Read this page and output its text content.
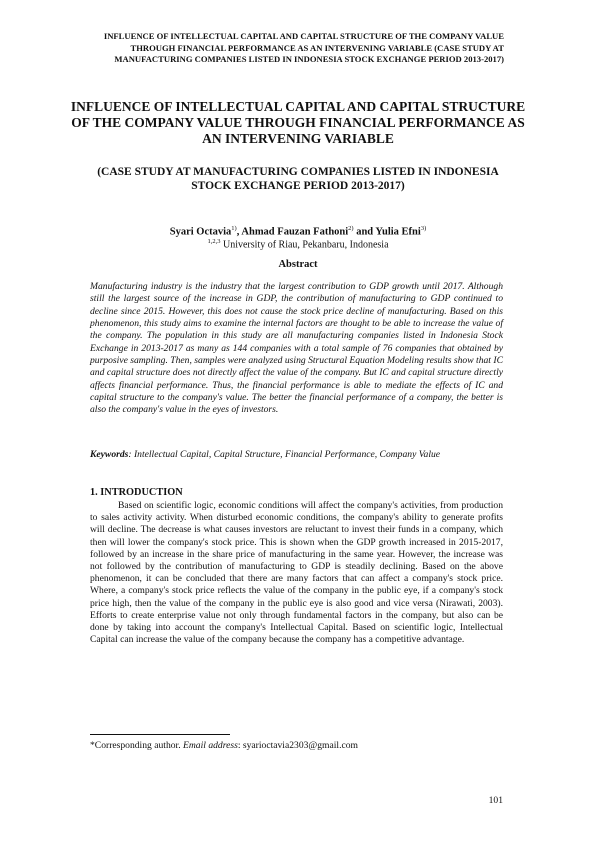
INFLUENCE OF INTELLECTUAL CAPITAL AND CAPITAL STRUCTURE OF THE COMPANY VALUE THROUGH FINANCIAL PERFORMANCE AS AN INTERVENING VARIABLE (CASE STUDY AT MANUFACTURING COMPANIES LISTED IN INDONESIA STOCK EXCHANGE PERIOD 2013-2017)
INFLUENCE OF INTELLECTUAL CAPITAL AND CAPITAL STRUCTURE OF THE COMPANY VALUE THROUGH FINANCIAL PERFORMANCE AS AN INTERVENING VARIABLE
(CASE STUDY AT MANUFACTURING COMPANIES LISTED IN INDONESIA STOCK EXCHANGE PERIOD 2013-2017)
Syari Octavia$^{1)}$, Ahmad Fauzan Fathoni$^{2)}$ and Yulia Efni$^{3)}$
$^{1,2,3}$ University of Riau, Pekanbaru, Indonesia
Abstract

Manufacturing industry is the industry that the largest contribution to GDP growth until 2017. Although still the largest source of the increase in GDP, the contribution of manufacturing to GDP continued to decline since 2015. However, this does not cause the stock price decline of manufacturing. Based on this phenomenon, this study aims to examine the internal factors are thought to be able to increase the value of the company. The population in this study are all manufacturing companies listed in Indonesia Stock Exchange in 2013-2017 as many as 144 companies with a total sample of 76 companies that obtained by purposive sampling. Then, samples were analyzed using Structural Equation Modeling results show that IC and capital structure does not directly affect the value of the company. But IC and capital structure directly affects financial performance. Thus, the financial performance is able to mediate the effects of IC and capital structure to the company's value. The better the financial performance of a company, the better is also the company's value in the eyes of investors.

Keywords: Intellectual Capital, Capital Structure, Financial Performance, Company Value

1. INTRODUCTION

Based on scientific logic, economic conditions will affect the company's activities, from production to sales activity activity. When disturbed economic conditions, the company's ability to generate profits will decline. The decrease is what causes investors are reluctant to invest their funds in a company, which then will lower the company's stock price. This is shown when the GDP growth increased in 2015-2017, followed by an increase in the share price of manufacturing in the same year. However, the increase was not followed by the contribution of manufacturing to GDP is steadily declining. Based on the above phenomenon, it can be concluded that there are many factors that can affect a company's stock price. Where, a company's stock price reflects the value of the company in the public eye, if a company's stock price high, then the value of the company in the public eye is also good and vice versa (Nirawati, 2003). Efforts to create enterprise value not only through fundamental factors in the company, but also can be done by taking into account the company's Intellectual Capital. Based on scientific logic, Intellectual Capital can increase the value of the company because the company has a competitive advantage.

*Corresponding author. Email address: syarioctavia2303@gmail.com
101
